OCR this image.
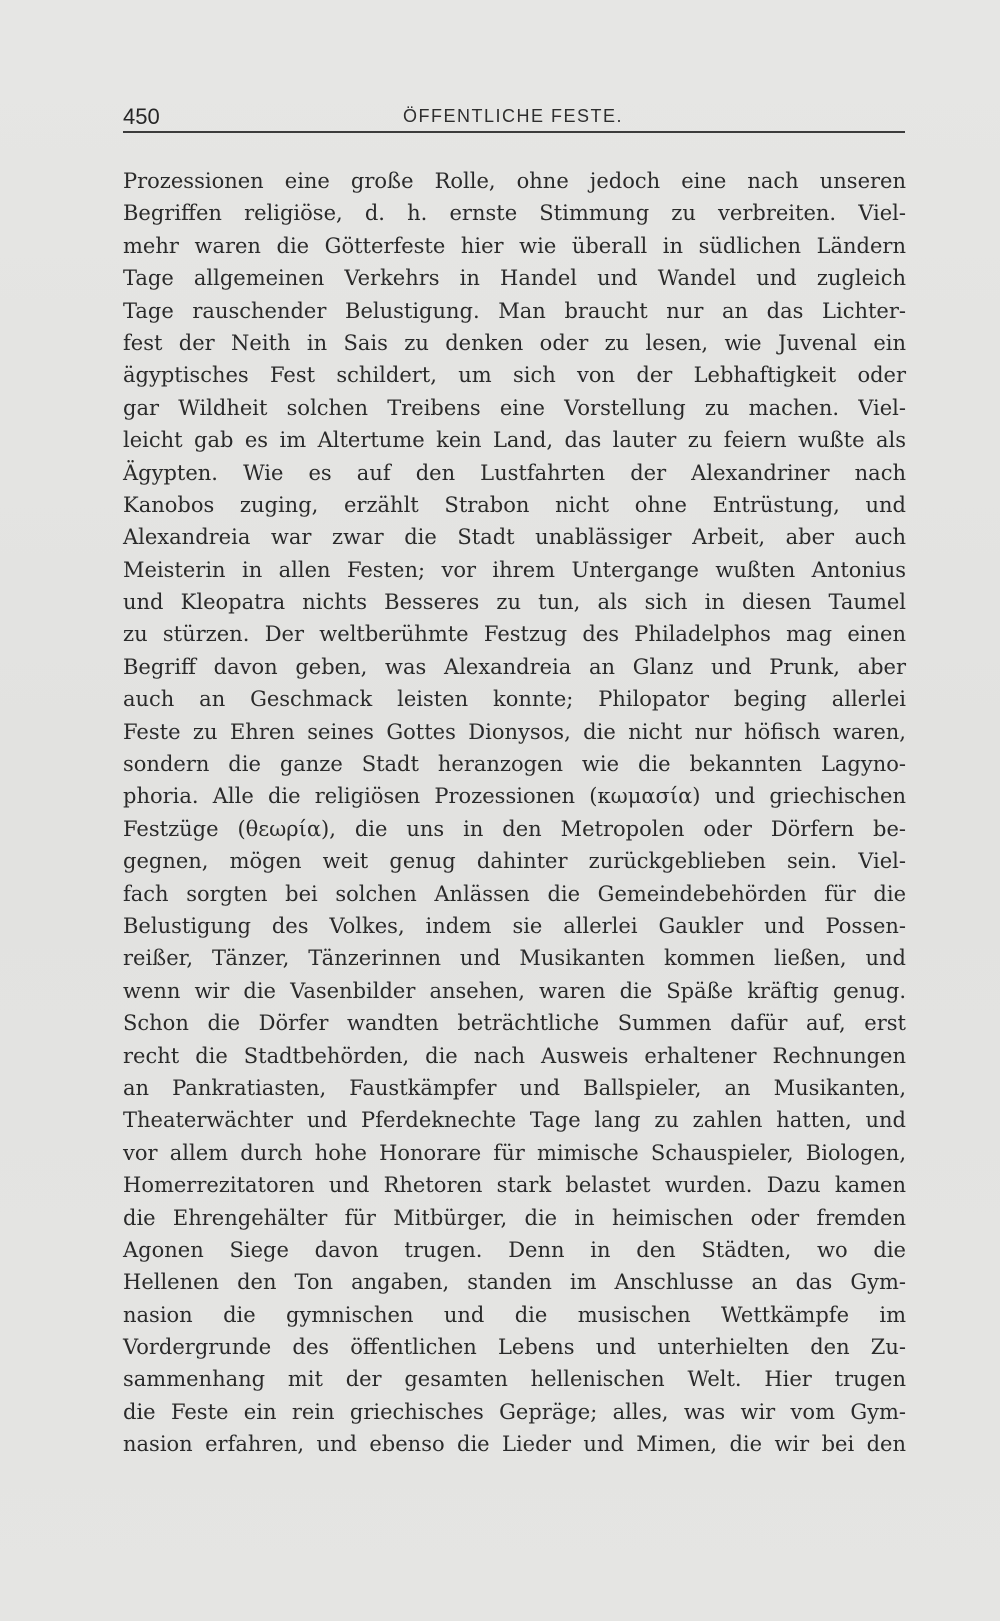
450	ÖFFENTLICHE FESTE.
Prozessionen eine große Rolle, ohne jedoch eine nach unseren
Begriffen religiöse, d. h. ernste Stimmung zu verbreiten. Viel-
mehr waren die Götterfeste hier wie überall in südlichen Ländern
Tage allgemeinen Verkehrs in Handel und Wandel und zugleich
Tage rauschender Belustigung. Man braucht nur an das Lichter-
fest der Neith in Sais zu denken oder zu lesen, wie Juvenal ein
ägyptisches Fest schildert, um sich von der Lebhaftigkeit oder
gar Wildheit solchen Treibens eine Vorstellung zu machen. Viel-
leicht gab es im Altertume kein Land, das lauter zu feiern wußte als
Ägypten. Wie es auf den Lustfahrten der Alexandriner nach
Kanobos zuging, erzählt Strabon nicht ohne Entrüstung, und
Alexandreia war zwar die Stadt unablässiger Arbeit, aber auch
Meisterin in allen Festen; vor ihrem Untergange wußten Antonius
und Kleopatra nichts Besseres zu tun, als sich in diesen Taumel
zu stürzen. Der weltberühmte Festzug des Philadelphos mag einen
Begriff davon geben, was Alexandreia an Glanz und Prunk, aber
auch an Geschmack leisten konnte; Philopator beging allerlei
Feste zu Ehren seines Gottes Dionysos, die nicht nur höfisch waren,
sondern die ganze Stadt heranzogen wie die bekannten Lagyno-
phoria. Alle die religiösen Prozessionen (κωμασία) und griechischen
Festzüge (θεωρία), die uns in den Metropolen oder Dörfern be-
gegnen, mögen weit genug dahinter zurückgeblieben sein. Viel-
fach sorgten bei solchen Anlässen die Gemeindebehörden für die
Belustigung des Volkes, indem sie allerlei Gaukler und Possen-
reißer, Tänzer, Tänzerinnen und Musikanten kommen ließen, und
wenn wir die Vasenbilder ansehen, waren die Späße kräftig genug.
Schon die Dörfer wandten beträchtliche Summen dafür auf, erst
recht die Stadtbehörden, die nach Ausweis erhaltener Rechnungen
an Pankratiasten, Faustkämpfer und Ballspieler, an Musikanten,
Theaterwächter und Pferdeknechte Tage lang zu zahlen hatten, und
vor allem durch hohe Honorare für mimische Schauspieler, Biologen,
Homerrezitatoren und Rhetoren stark belastet wurden. Dazu kamen
die Ehrengehälter für Mitbürger, die in heimischen oder fremden
Agonen Siege davon trugen. Denn in den Städten, wo die
Hellenen den Ton angaben, standen im Anschlusse an das Gym-
nasion die gymnischen und die musischen Wettkämpfe im
Vordergrunde des öffentlichen Lebens und unterhielten den Zu-
sammenhang mit der gesamten hellenischen Welt. Hier trugen
die Feste ein rein griechisches Gepräge; alles, was wir vom Gym-
nasion erfahren, und ebenso die Lieder und Mimen, die wir bei den
